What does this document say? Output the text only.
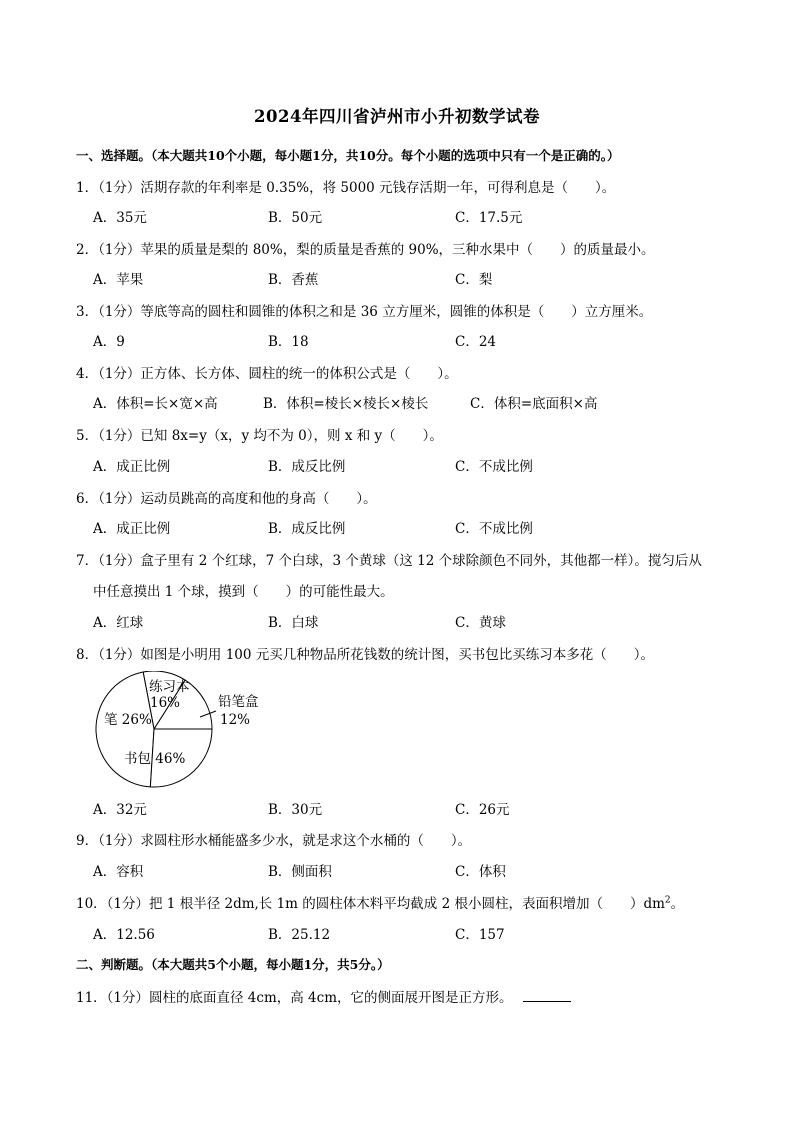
2024年四川省泸州市小升初数学试卷
一、选择题。（本大题共10个小题，每小题1分，共10分。每个小题的选项中只有一个是正确的。）
1．（1分）活期存款的年利率是 0.35%，将 5000 元钱存活期一年，可得利息是（　　）。
A．35元	B．50元	C．17.5元
2．（1分）苹果的质量是梨的 80%，梨的质量是香蕉的 90%，三种水果中（　　）的质量最小。
A．苹果	B．香蕉	C．梨
3．（1分）等底等高的圆柱和圆锥的体积之和是 36 立方厘米，圆锥的体积是（　　）立方厘米。
A．9	B．18	C．24
4．（1分）正方体、长方体、圆柱的统一的体积公式是（　　）。
A．体积=长×宽×高	B．体积=棱长×棱长×棱长	C．体积=底面积×高
5．（1分）已知 8x=y（x，y 均不为 0），则 x 和 y（　　）。
A．成正比例	B．成反比例	C．不成比例
6．（1分）运动员跳高的高度和他的身高（　　）。
A．成正比例	B．成反比例	C．不成比例
7．（1分）盒子里有 2 个红球，7 个白球，3 个黄球（这 12 个球除颜色不同外，其他都一样）。搅匀后从
中任意摸出 1 个球，摸到（　　）的可能性最大。
A．红球	B．白球	C．黄球
8．（1分）如图是小明用 100 元买几种物品所花钱数的统计图，买书包比买练习本多花（　　）。
练习本
16%	铅笔盒
12%
笔 26%
书包 46%
A．32元	B．30元	C．26元
9．（1分）求圆柱形水桶能盛多少水，就是求这个水桶的（　　）。
A．容积	B．侧面积	C．体积
10．（1分）把 1 根半径 2dm,长 1m 的圆柱体木料平均截成 2 根小圆柱，表面积增加（　　）$dm^2$。
A．12.56	B．25.12	C．157
二、判断题。（本大题共5个小题，每小题1分，共5分。）
11．（1分）圆柱的底面直径 4cm，高 4cm，它的侧面展开图是正方形。
